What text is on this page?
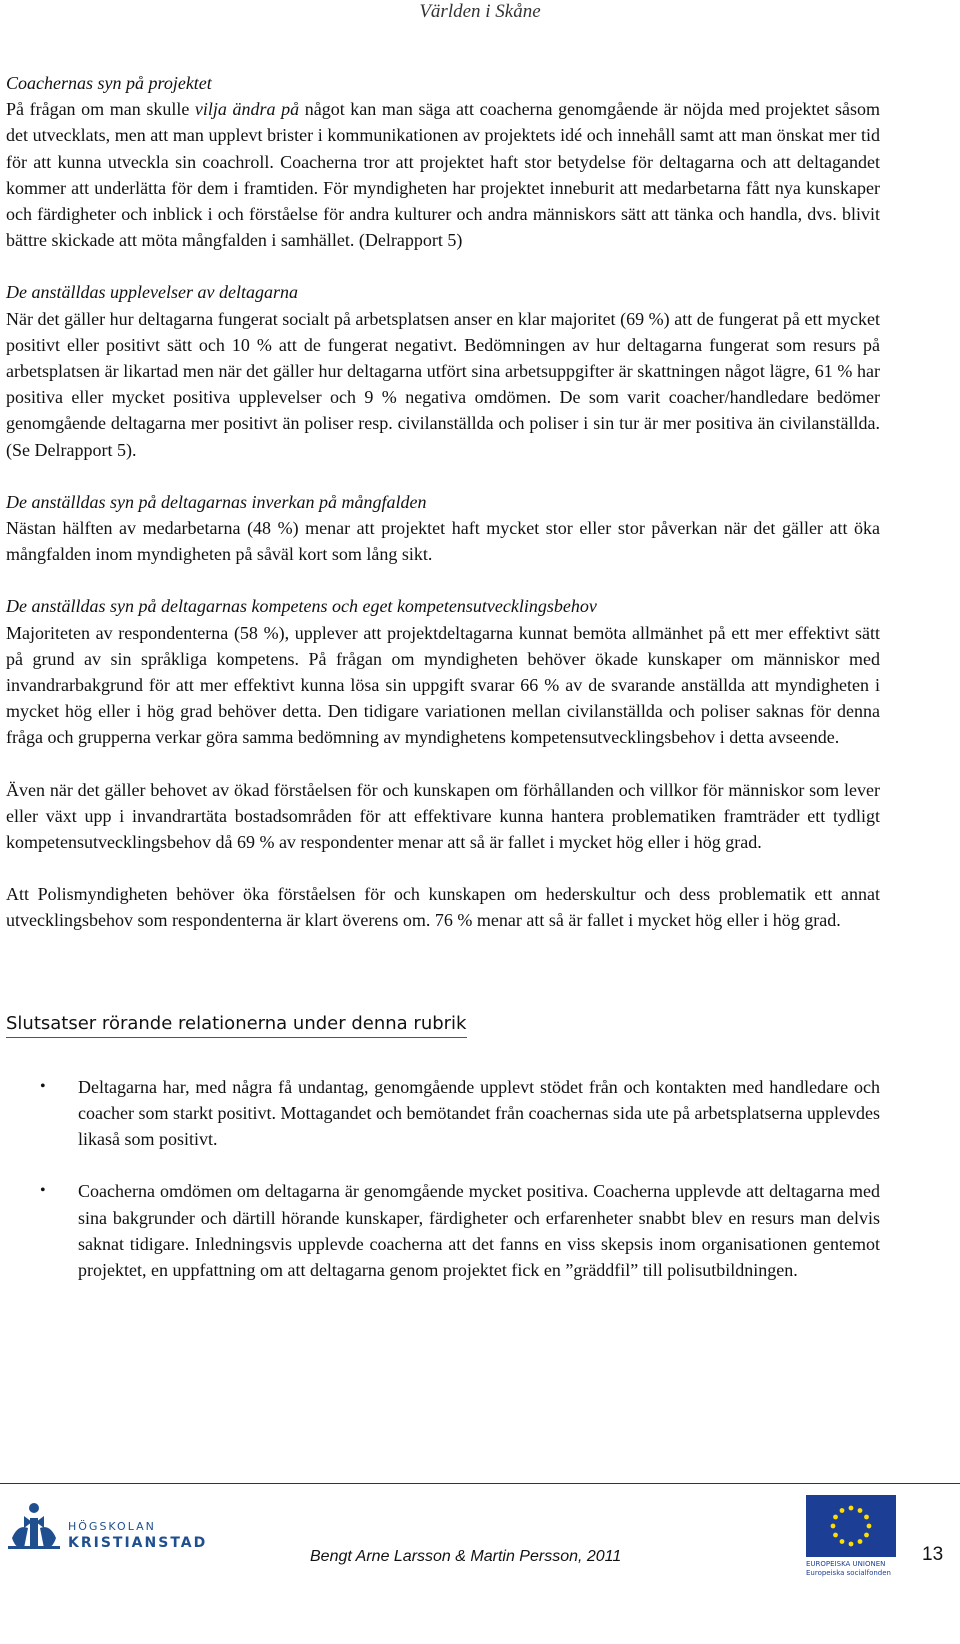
Världen i Skåne

Coachernas syn på projektet

På frågan om man skulle vilja ändra på något kan man säga att coacherna genomgående är nöjda med projektet såsom det utvecklats, men att man upplevt brister i kommunikationen av projektets idé och innehåll samt att man önskat mer tid för att kunna utveckla sin coachroll. Coacherna tror att projektet haft stor betydelse för deltagarna och att deltagandet kommer att underlätta för dem i framtiden. För myndigheten har projektet inneburit att medarbetarna fått nya kunskaper och färdigheter och inblick i och förståelse för andra kulturer och andra människors sätt att tänka och handla, dvs. blivit bättre skickade att möta mångfalden i samhället. (Delrapport 5)

De anställdas upplevelser av deltagarna

När det gäller hur deltagarna fungerat socialt på arbetsplatsen anser en klar majoritet (69 %) att de fungerat på ett mycket positivt eller positivt sätt och 10 % att de fungerat negativt. Bedömningen av hur deltagarna fungerat som resurs på arbetsplatsen är likartad men när det gäller hur deltagarna utfört sina arbetsuppgifter är skattningen något lägre, 61 % har positiva eller mycket positiva upplevelser och 9 % negativa omdömen. De som varit coacher/handledare bedömer genomgående deltagarna mer positivt än poliser resp. civilanställda och poliser i sin tur är mer positiva än civilanställda. (Se Delrapport 5).

De anställdas syn på deltagarnas inverkan på mångfalden

Nästan hälften av medarbetarna (48 %) menar att projektet haft mycket stor eller stor påverkan när det gäller att öka mångfalden inom myndigheten på såväl kort som lång sikt.

De anställdas syn på deltagarnas kompetens och eget kompetensutvecklingsbehov

Majoriteten av respondenterna (58 %), upplever att projektdeltagarna kunnat bemöta allmänhet på ett mer effektivt sätt på grund av sin språkliga kompetens. På frågan om myndigheten behöver ökade kunskaper om människor med invandrarbakgrund för att mer effektivt kunna lösa sin uppgift svarar 66 % av de svarande anställda att myndigheten i mycket hög eller i hög grad behöver detta. Den tidigare variationen mellan civilanställda och poliser saknas för denna fråga och grupperna verkar göra samma bedömning av myndighetens kompetensutvecklingsbehov i detta avseende.

Även när det gäller behovet av ökad förståelsen för och kunskapen om förhållanden och villkor för människor som lever eller växt upp i invandrartäta bostadsområden för att effektivare kunna hantera problematiken framträder ett tydligt kompetensutvecklingsbehov då 69 % av respondenter menar att så är fallet i mycket hög eller i hög grad.

Att Polismyndigheten behöver öka förståelsen för och kunskapen om hederskultur och dess problematik ett annat utvecklingsbehov som respondenterna är klart överens om. 76 % menar att så är fallet i mycket hög eller i hög grad.

Slutsatser rörande relationerna under denna rubrik
• Deltagarna har, med några få undantag, genomgående upplevt stödet från och kontakten med handledare och coacher som starkt positivt. Mottagandet och bemötandet från coachernas sida ute på arbetsplatserna upplevdes likaså som positivt.
• Coacherna omdömen om deltagarna är genomgående mycket positiva. Coacherna upplevde att deltagarna med sina bakgrunder och därtill hörande kunskaper, färdigheter och erfarenheter snabbt blev en resurs man delvis saknat tidigare. Inledningsvis upplevde coacherna att det fanns en viss skepsis inom organisationen gentemot projektet, en uppfattning om att deltagarna genom projektet fick en ”gräddfil” till polisutbildningen.
HÖGSKOLAN
KRISTIANSTAD
Bengt Arne Larsson & Martin Persson, 2011	EUROPEISKA UNIONEN
Europeiska socialfonden
13
